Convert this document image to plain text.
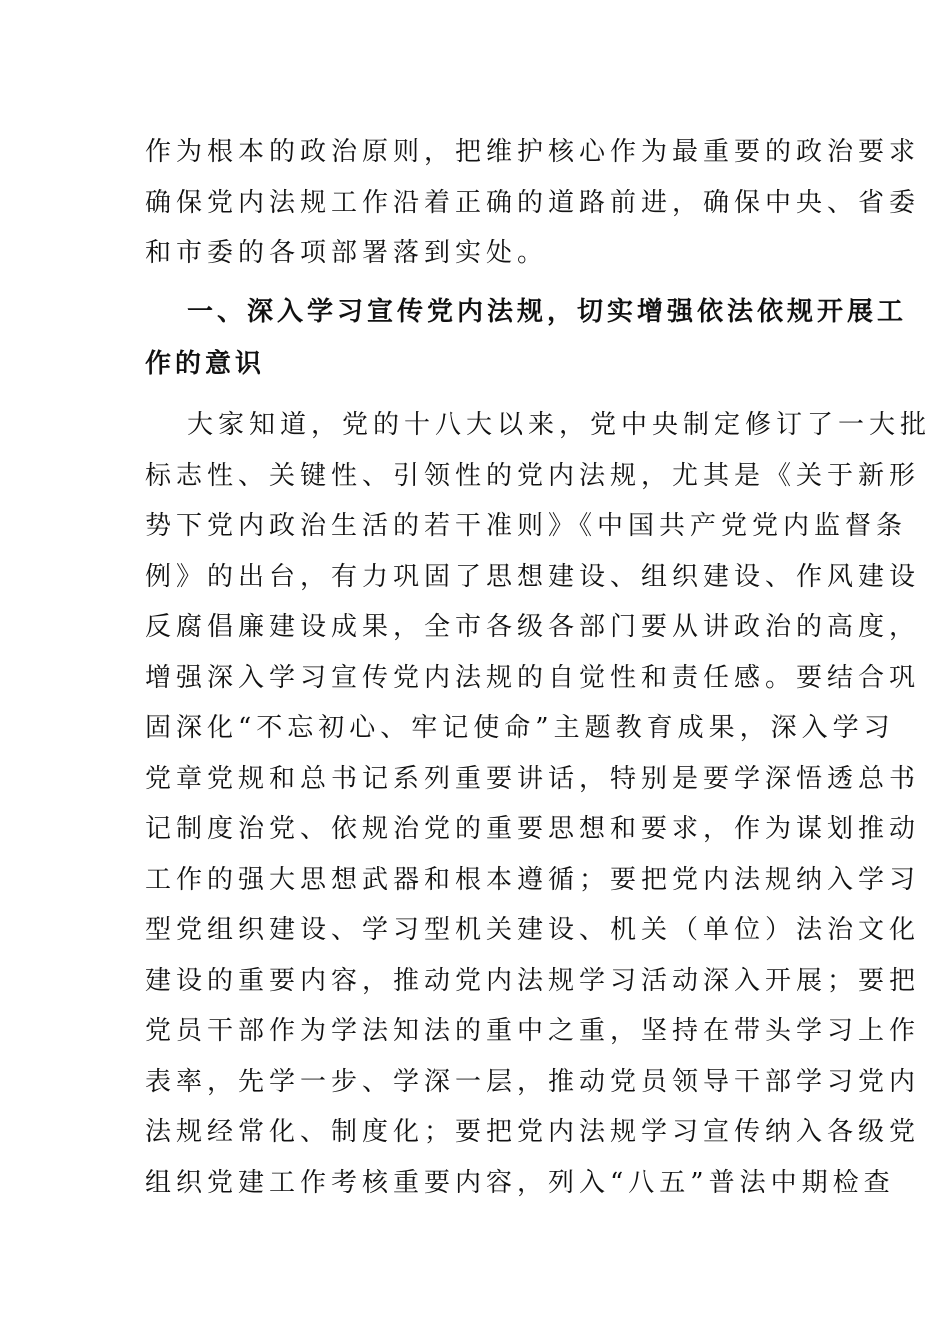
作为根本的政治原则，把维护核心作为最重要的政治要求
确保党内法规工作沿着正确的道路前进，确保中央、省委
和市委的各项部署落到实处。
一、深入学习宣传党内法规，切实增强依法依规开展工
作的意识
大家知道，党的十八大以来，党中央制定修订了一大批
标志性、关键性、引领性的党内法规，尤其是《关于新形
势下党内政治生活的若干准则》《中国共产党党内监督条
例》的出台，有力巩固了思想建设、组织建设、作风建设
反腐倡廉建设成果，全市各级各部门要从讲政治的高度，
增强深入学习宣传党内法规的自觉性和责任感。要结合巩
固深化“不忘初心、牢记使命”主题教育成果，深入学习
党章党规和总书记系列重要讲话，特别是要学深悟透总书
记制度治党、依规治党的重要思想和要求，作为谋划推动
工作的强大思想武器和根本遵循；要把党内法规纳入学习
型党组织建设、学习型机关建设、机关（单位）法治文化
建设的重要内容，推动党内法规学习活动深入开展；要把
党员干部作为学法知法的重中之重，坚持在带头学习上作
表率，先学一步、学深一层，推动党员领导干部学习党内
法规经常化、制度化；要把党内法规学习宣传纳入各级党
组织党建工作考核重要内容，列入“八五”普法中期检查
